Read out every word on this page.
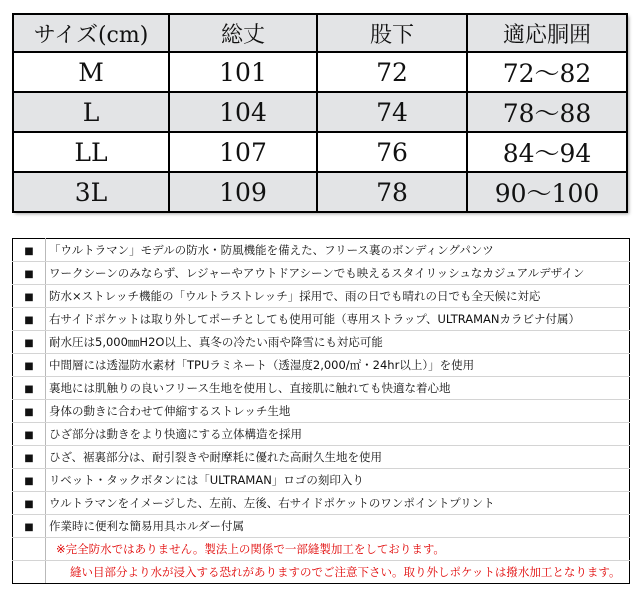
サイズ(cm)	総丈	股下	適応胴囲
M	101	72	72～82
L	104	74	78～88
LL	107	76	84～94
3L	109	78	90～100
■	「ウルトラマン」モデルの防水・防風機能を備えた、フリース裏のボンディングパンツ
■	ワークシーンのみならず、レジャーやアウトドアシーンでも映えるスタイリッシュなカジュアルデザイン
■	防水×ストレッチ機能の「ウルトラストレッチ」採用で、雨の日でも晴れの日でも全天候に対応
■	右サイドポケットは取り外してポーチとしても使用可能（専用ストラップ、ULTRAMANカラビナ付属）
■	耐水圧は5,000㎜H2O以上、真冬の冷たい雨や降雪にも対応可能
■	中間層には透湿防水素材「TPUラミネート（透湿度2,000/㎡・24hr以上）」を使用
■	裏地には肌触りの良いフリース生地を使用し、直接肌に触れても快適な着心地
■	身体の動きに合わせて伸縮するストレッチ生地
■	ひざ部分は動きをより快適にする立体構造を採用
■	ひざ、裾裏部分は、耐引裂きや耐摩耗に優れた高耐久生地を使用
■	リベット・タックボタンには「ULTRAMAN」ロゴの刻印入り
■	ウルトラマンをイメージした、左前、左後、右サイドポケットのワンポイントプリント
■	作業時に便利な簡易用具ホルダー付属
	※完全防水ではありません。製法上の関係で一部縫製加工をしております。
	縫い目部分より水が浸入する恐れがありますのでご注意下さい。取り外しポケットは撥水加工となります。
